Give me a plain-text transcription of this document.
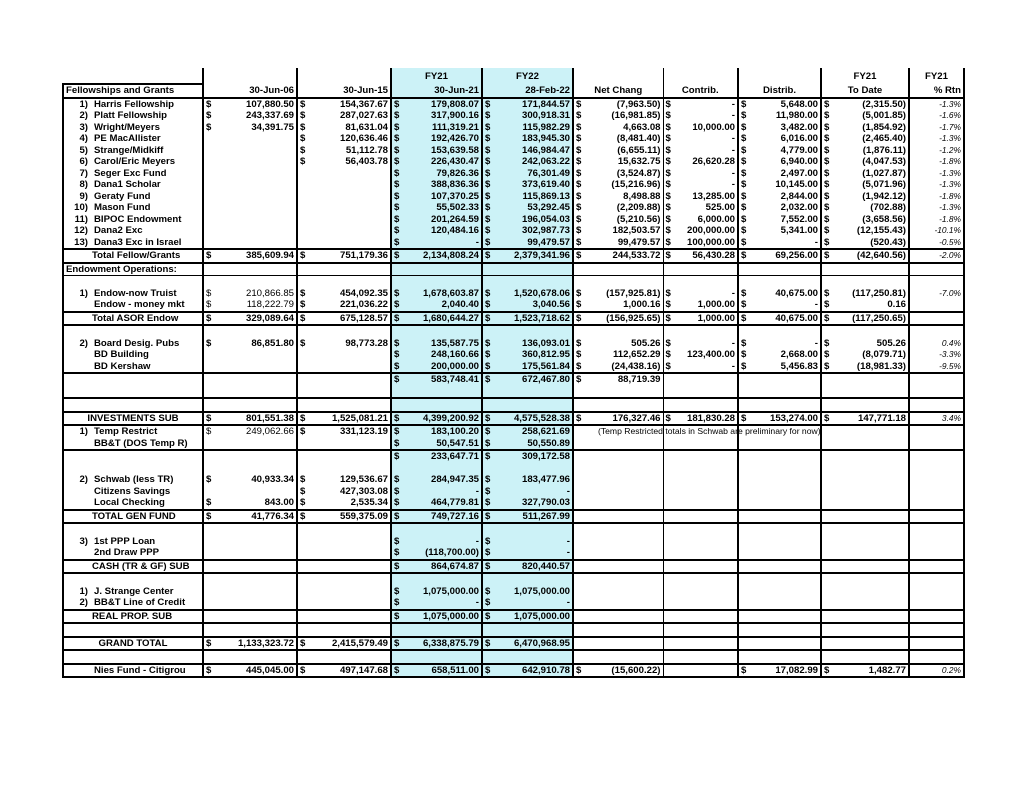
			FY21	FY22				FY21	FY21
Fellowships and Grants	30-Jun-06	30-Jun-15	30-Jun-21	28-Feb-22	Net Chang	Contrib.	Distrib.	To Date	% Rtn

1) Harris Fellowship	$ 107,880.50	$ 154,367.67	$ 179,808.07	$ 171,844.57	$ (7,963.50)	$ -	$ 5,648.00	$ (2,315.50)	-1.3%

2) Platt Fellowship	$ 243,337.69	$ 287,027.63	$ 317,900.16	$ 300,918.31	$ (16,981.85)	$ -	$ 11,980.00	$ (5,001.85)	-1.6%

3) Wright/Meyers	$ 34,391.75	$ 81,631.04	$ 111,319.21	$ 115,982.29	$ 4,663.08	$ 10,000.00	$ 3,482.00	$ (1,854.92)	-1.7%

4) PE MacAllister		$ 120,636.46	$ 192,426.70	$ 183,945.30	$ (8,481.40)	$ -	$ 6,016.00	$ (2,465.40)	-1.3%

5) Strange/Midkiff		$ 51,112.78	$ 153,639.58	$ 146,984.47	$ (6,655.11)	$ -	$ 4,779.00	$ (1,876.11)	-1.2%

6) Carol/Eric Meyers		$ 56,403.78	$ 226,430.47	$ 242,063.22	$ 15,632.75	$ 26,620.28	$ 6,940.00	$ (4,047.53)	-1.8%

7) Seger Exc Fund			$ 79,826.36	$ 76,301.49	$ (3,524.87)	$ -	$ 2,497.00	$ (1,027.87)	-1.3%

8) Dana1 Scholar			$ 388,836.36	$ 373,619.40	$ (15,216.96)	$ -	$ 10,145.00	$ (5,071.96)	-1.3%

9) Geraty Fund			$ 107,370.25	$ 115,869.13	$ 8,498.88	$ 13,285.00	$ 2,844.00	$ (1,942.12)	-1.8%

10) Mason Fund			$ 55,502.33	$ 53,292.45	$ (2,209.88)	$ 525.00	$ 2,032.00	$ (702.88)	-1.3%

11) BIPOC Endowment			$ 201,264.59	$ 196,054.03	$ (5,210.56)	$ 6,000.00	$ 7,552.00	$ (3,658.56)	-1.8%

12) Dana2 Exc			$ 120,484.16	$ 302,987.73	$ 182,503.57	$ 200,000.00	$ 5,341.00	$ (12,155.43)	-10.1%

13) Dana3 Exc in Israel			$ -	$ 99,479.57	$ 99,479.57	$ 100,000.00	$ -	$ (520.43)	-0.5%

Total Fellow/Grants	$ 385,609.94	$ 751,179.36	$ 2,134,808.24	$ 2,379,341.96	$ 244,533.72	$ 56,430.28	$ 69,256.00	$ (42,640.56)	-2.0%

Endowment Operations:									

1) Endow-now Truist	$ 210,866.85	$ 454,092.35	$ 1,678,603.87	$ 1,520,678.06	$ (157,925.81)	$ -	$ 40,675.00	$ (117,250.81)	-7.0%

Endow - money mkt	$ 118,222.79	$ 221,036.22	$ 2,040.40	$ 3,040.56	$ 1,000.16	$ 1,000.00	$ -	$ 0.16	

Total ASOR Endow	$ 329,089.64	$ 675,128.57	$ 1,680,644.27	$ 1,523,718.62	$ (156,925.65)	$ 1,000.00	$ 40,675.00	$ (117,250.65)	

2) Board Desig. Pubs	$ 86,851.80	$ 98,773.28	$ 135,587.75	$ 136,093.01	$ 505.26	$ -	$ -	$ 505.26	0.4%

BD Building			$ 248,160.66	$ 360,812.95	$ 112,652.29	$ 123,400.00	$ 2,668.00	$ (8,079.71)	-3.3%

BD Kershaw			$ 200,000.00	$ 175,561.84	$ (24,438.16)	$ -	$ 5,456.83	$ (18,981.33)	-9.5%

			$ 583,748.41	$ 672,467.80	$ 88,719.39				

INVESTMENTS SUB	$ 801,551.38	$ 1,525,081.21	$ 4,399,200.92	$ 4,575,528.38	$ 176,327.46	$ 181,830.28	$ 153,274.00	$ 147,771.18	3.4%

1) Temp Restrict	$ 249,062.66	$ 331,123.19	$ 183,100.20	$ 258,621.69	(Temp Restricted totals in Schwab are preliminary for now)				

BB&T (DOS Temp R)			$ 50,547.51	$ 50,550.89					

			$ 233,647.71	$ 309,172.58					

2) Schwab (less TR)	$ 40,933.34	$ 129,536.67	$ 284,947.35	$ 183,477.96					

Citizens Savings		$ 427,303.08	$ -	$ -					

Local Checking	$ 843.00	$ 2,535.34	$ 464,779.81	$ 327,790.03					

TOTAL GEN FUND	$ 41,776.34	$ 559,375.09	$ 749,727.16	$ 511,267.99					

3) 1st PPP Loan			$ -	$ -					

2nd Draw PPP			$ (118,700.00)	$ -					

CASH (TR & GF) SUB			$ 864,674.87	$ 820,440.57					

1) J. Strange Center			$ 1,075,000.00	$ 1,075,000.00					

2) BB&T Line of Credit			$ -	$ -					

REAL PROP. SUB			$ 1,075,000.00	$ 1,075,000.00					

GRAND TOTAL	$ 1,133,323.72	$ 2,415,579.49	$ 6,338,875.79	$ 6,470,968.95					

Nies Fund - Citigrou	$ 445,045.00	$ 497,147.68	$ 658,511.00	$ 642,910.78	$ (15,600.22)		$ 17,082.99	$ 1,482.77	0.2%
